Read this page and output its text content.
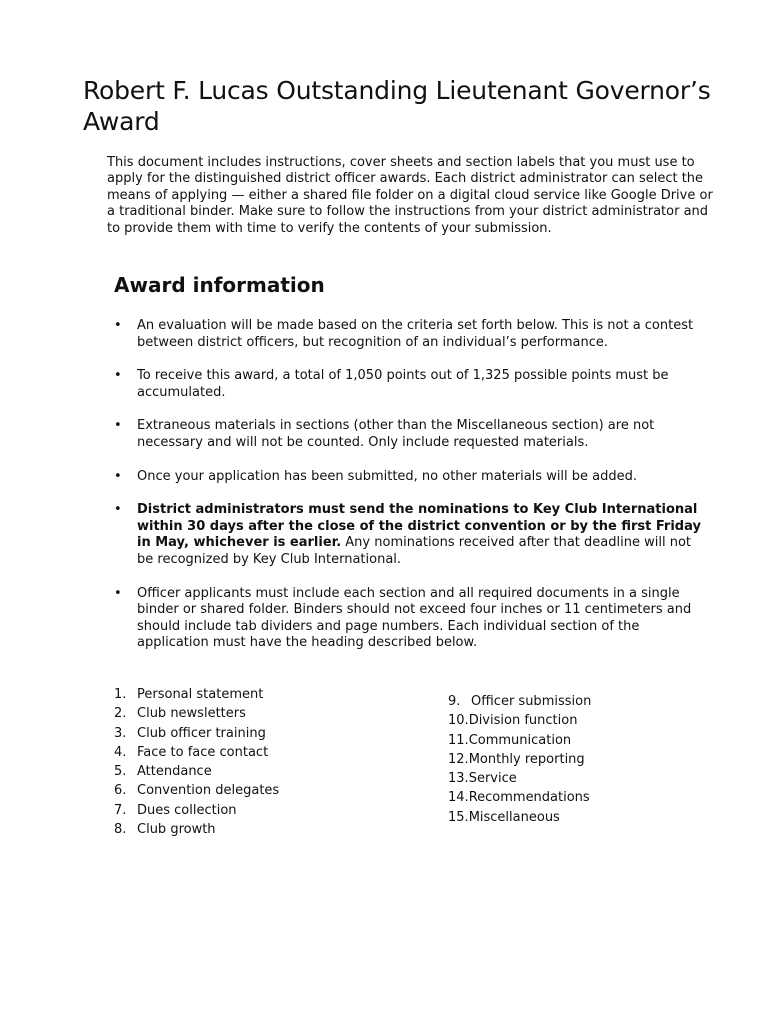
Robert F. Lucas Outstanding Lieutenant Governor’s Award

This document includes instructions, cover sheets and section labels that you must use to apply for the distinguished district officer awards. Each district administrator can select the means of applying — either a shared file folder on a digital cloud service like Google Drive or a traditional binder. Make sure to follow the instructions from your district administrator and to provide them with time to verify the contents of your submission.

Award information
• An evaluation will be made based on the criteria set forth below. This is not a contest between district officers, but recognition of an individual’s performance.
• To receive this award, a total of 1,050 points out of 1,325 possible points must be accumulated.
• Extraneous materials in sections (other than the Miscellaneous section) are not necessary and will not be counted. Only include requested materials.
• Once your application has been submitted, no other materials will be added.
• District administrators must send the nominations to Key Club International within 30 days after the close of the district convention or by the first Friday in May, whichever is earlier. Any nominations received after that deadline will not be recognized by Key Club International.
• Officer applicants must include each section and all required documents in a single binder or shared folder. Binders should not exceed four inches or 11 centimeters and should include tab dividers and page numbers. Each individual section of the application must have the heading described below.
1. Personal statement
2. Club newsletters
3. Club officer training
4. Face to face contact
5. Attendance
6. Convention delegates
7. Dues collection
8. Club growth
9. Officer submission
10.Division function
11.Communication
12.Monthly reporting
13.Service
14.Recommendations
15.Miscellaneous
